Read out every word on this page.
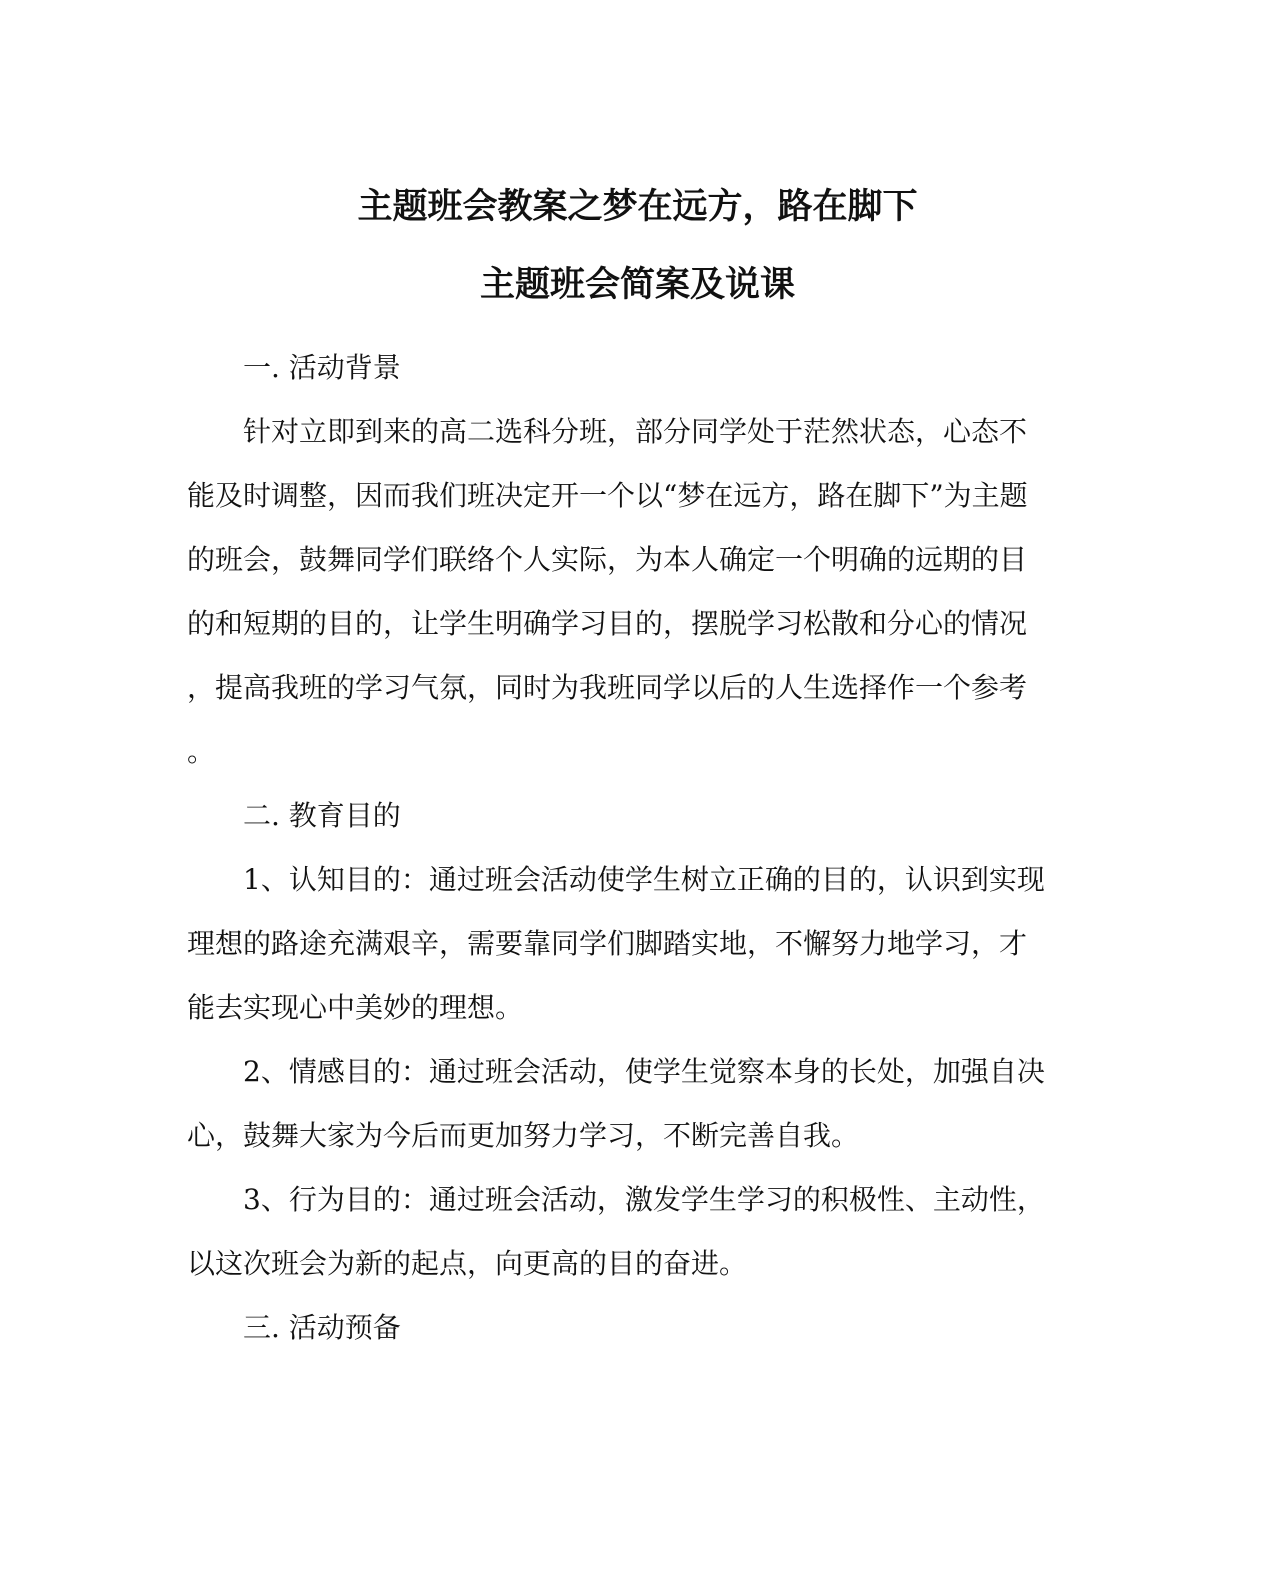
主题班会教案之梦在远方，路在脚下
主题班会简案及说课
一. 活动背景
针对立即到来的高二选科分班，部分同学处于茫然状态，心态不
能及时调整，因而我们班决定开一个以“梦在远方，路在脚下”为主题
的班会，鼓舞同学们联络个人实际，为本人确定一个明确的远期的目
的和短期的目的，让学生明确学习目的，摆脱学习松散和分心的情况
，提高我班的学习气氛，同时为我班同学以后的人生选择作一个参考
。
二. 教育目的
1、认知目的：通过班会活动使学生树立正确的目的，认识到实现
理想的路途充满艰辛，需要靠同学们脚踏实地，不懈努力地学习，才
能去实现心中美妙的理想。
2、情感目的：通过班会活动，使学生觉察本身的长处，加强自决
心，鼓舞大家为今后而更加努力学习，不断完善自我。
3、行为目的：通过班会活动，激发学生学习的积极性、主动性，
以这次班会为新的起点，向更高的目的奋进。
三. 活动预备
